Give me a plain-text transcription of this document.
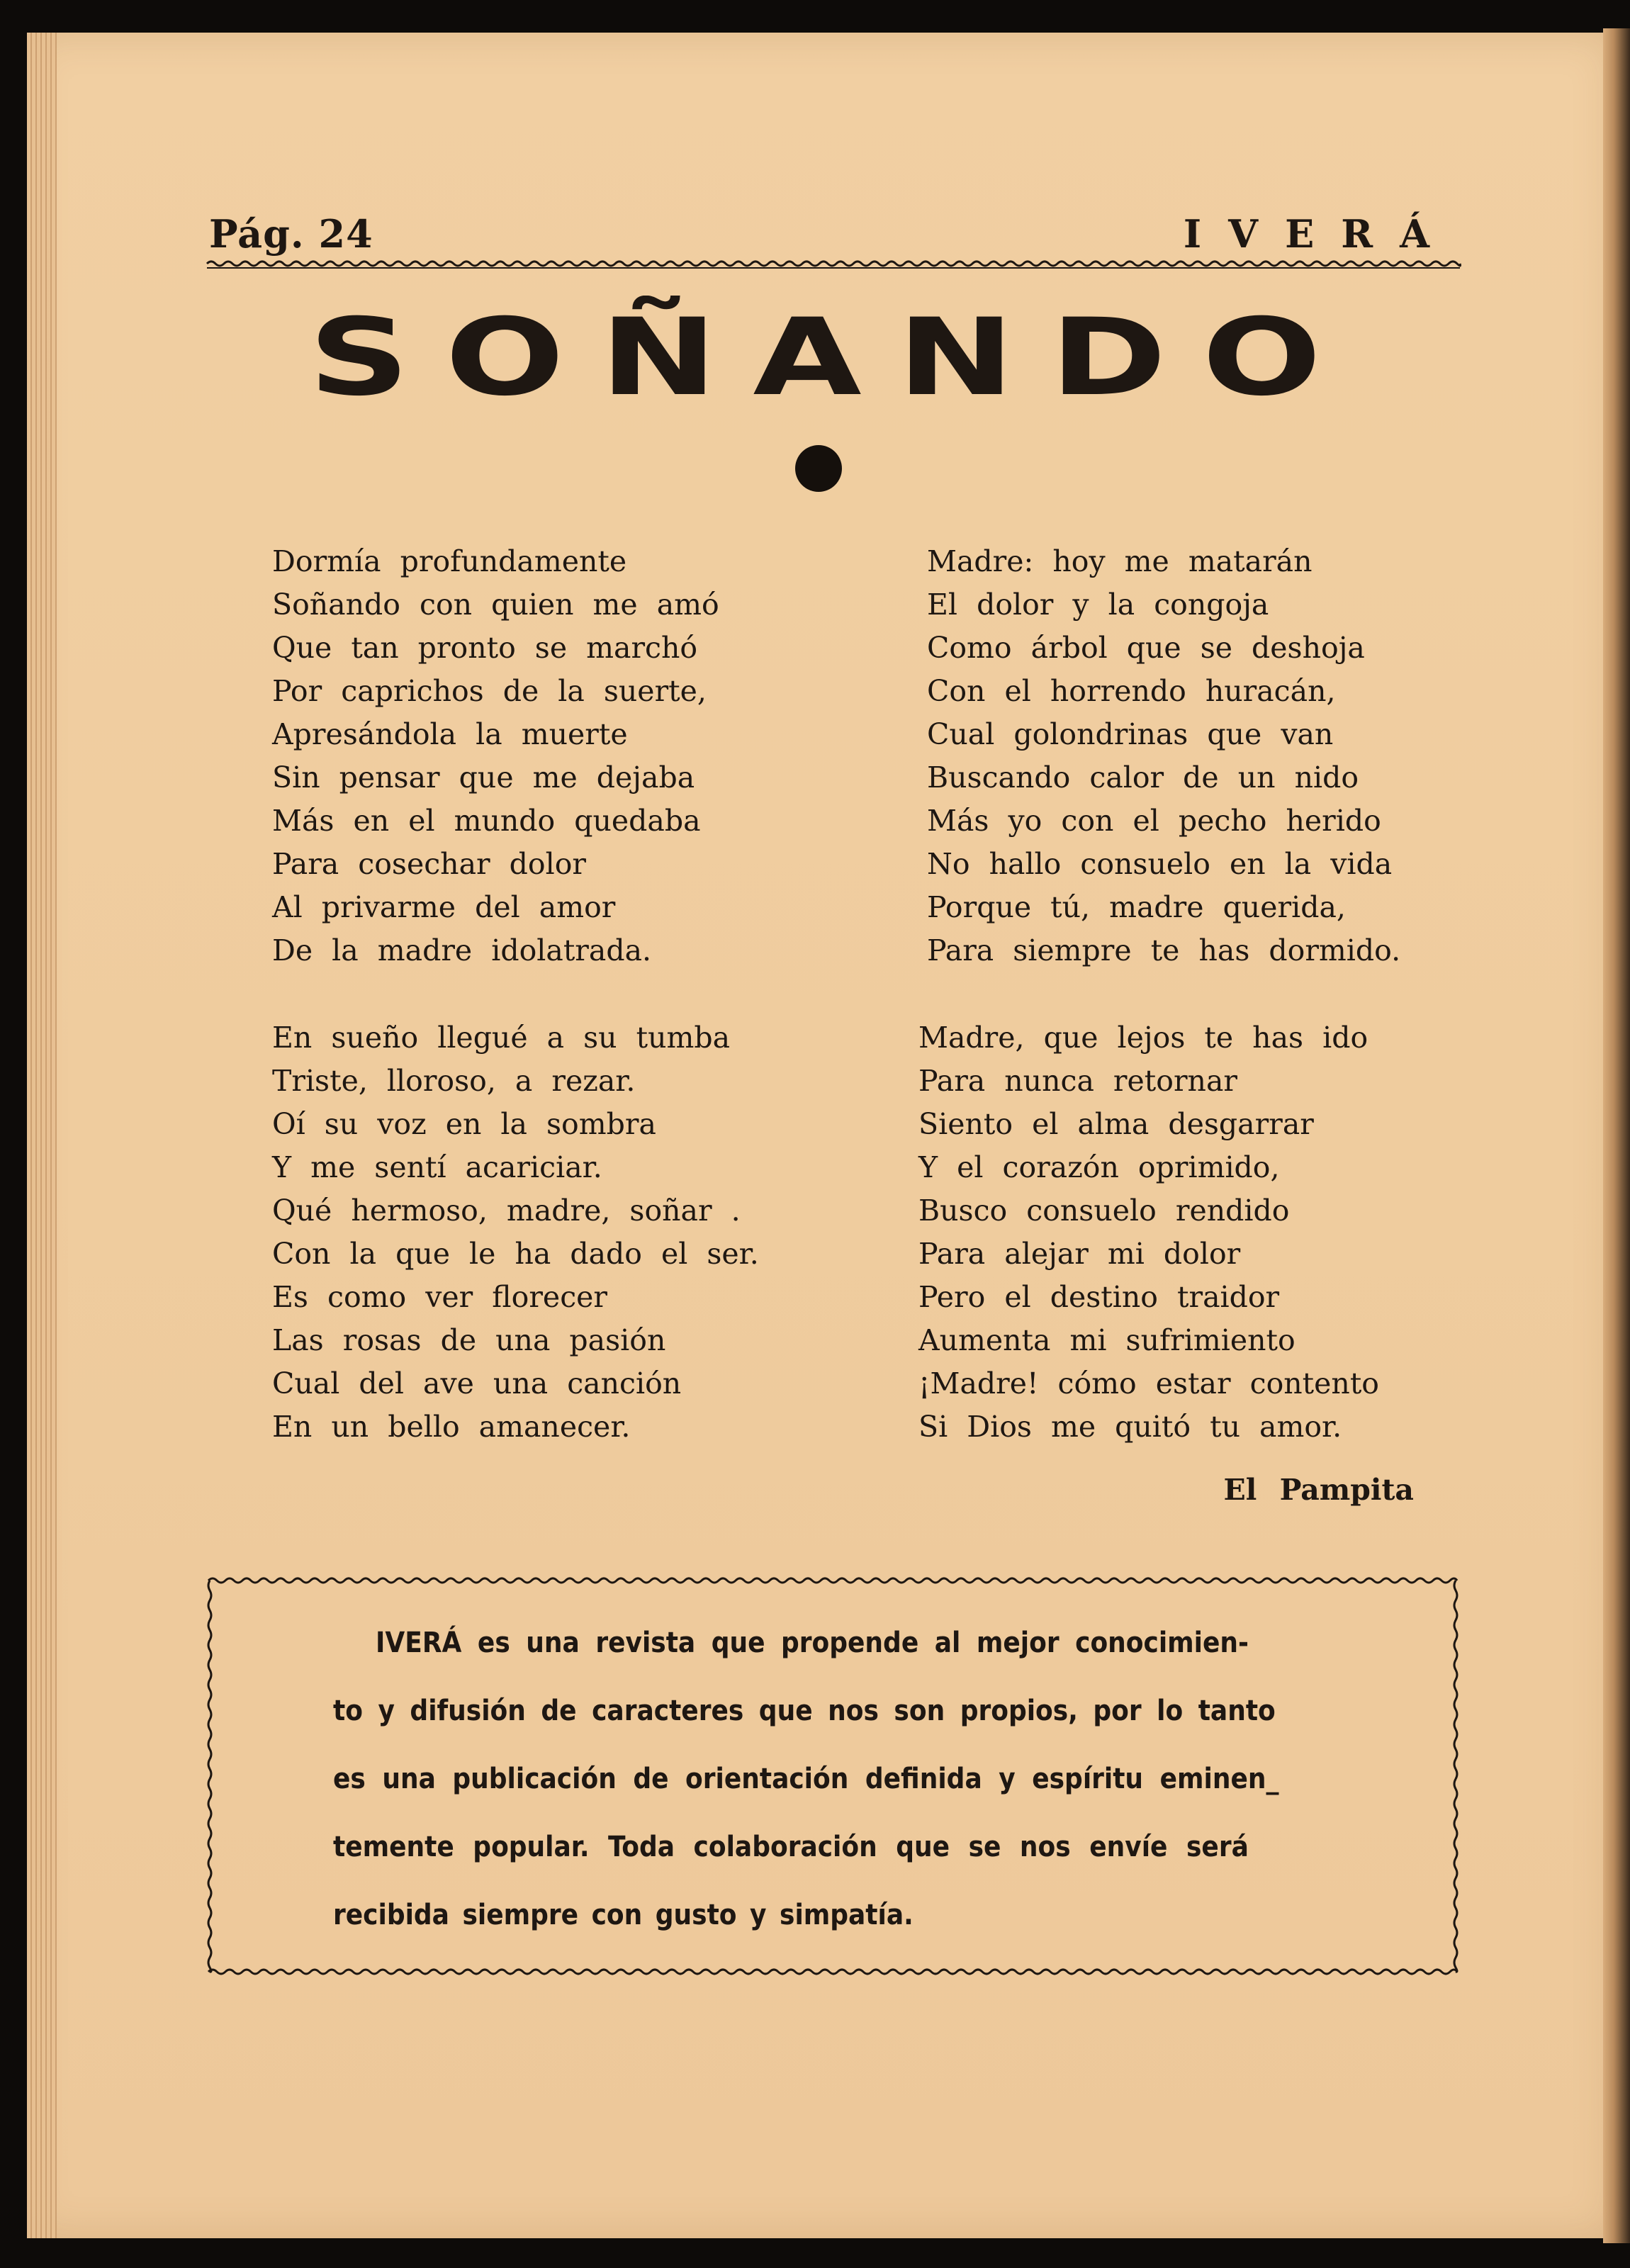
Pág. 24	IVERÁ
SOÑANDO
Dormía profundamente
Soñando con quien me amó
Que tan pronto se marchó
Por caprichos de la suerte,
Apresándola la muerte
Sin pensar que me dejaba
Más en el mundo quedaba
Para cosechar dolor
Al privarme del amor
De la madre idolatrada.
En sueño llegué a su tumba
Triste, lloroso, a rezar.
Oí su voz en la sombra
Y me sentí acariciar.
Qué hermoso, madre, soñar .
Con la que le ha dado el ser.
Es como ver florecer
Las rosas de una pasión
Cual del ave una canción
En un bello amanecer.
Madre: hoy me matarán
El dolor y la congoja
Como árbol que se deshoja
Con el horrendo huracán,
Cual golondrinas que van
Buscando calor de un nido
Más yo con el pecho herido
No hallo consuelo en la vida
Porque tú, madre querida,
Para siempre te has dormido.
Madre, que lejos te has ido
Para nunca retornar
Siento el alma desgarrar
Y el corazón oprimido,
Busco consuelo rendido
Para alejar mi dolor
Pero el destino traidor
Aumenta mi sufrimiento
¡Madre! cómo estar contento
Si Dios me quitó tu amor.
El Pampita
IVERÁ es una revista que propende al mejor conocimien-
to y difusión de caracteres que nos son propios, por lo tanto
es una publicación de orientación definida y espíritu eminen_
temente popular. Toda colaboración que se nos envíe será
recibida siempre con gusto y simpatía.
